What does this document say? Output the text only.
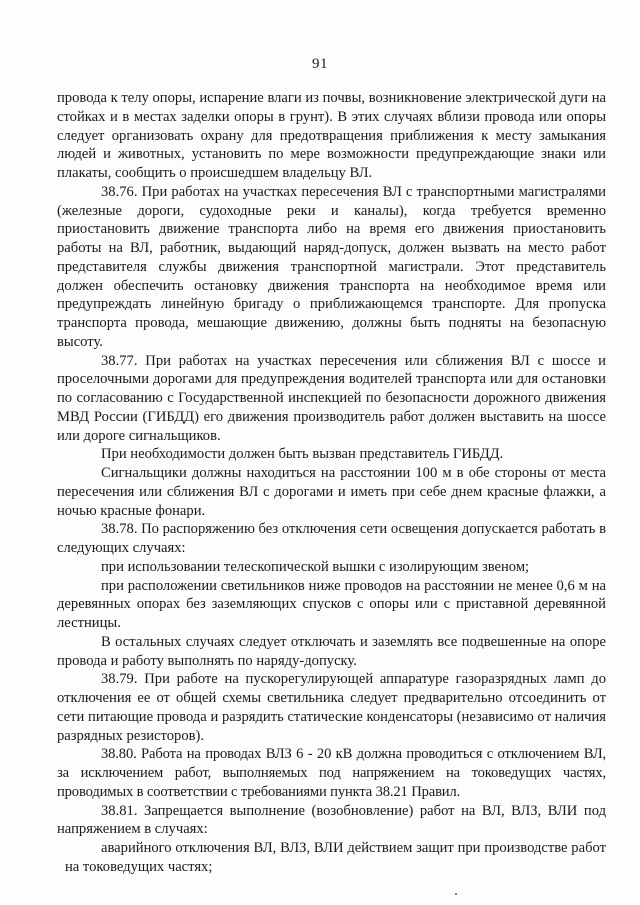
91

провода к телу опоры, испарение влаги из почвы, возникновение электрической дуги на стойках и в местах заделки опоры в грунт). В этих случаях вблизи провода или опоры следует организовать охрану для предотвращения приближения к месту замыкания людей и животных, установить по мере возможности предупреждающие знаки или плакаты, сообщить о происшедшем владельцу ВЛ.

38.76. При работах на участках пересечения ВЛ с транспортными магистралями (железные дороги, судоходные реки и каналы), когда требуется временно приостановить движение транспорта либо на время его движения приостановить работы на ВЛ, работник, выдающий наряд-допуск, должен вызвать на место работ представителя службы движения транспортной магистрали. Этот представитель должен обеспечить остановку движения транспорта на необходимое время или предупреждать линейную бригаду о приближающемся транспорте. Для пропуска транспорта провода, мешающие движению, должны быть подняты на безопасную высоту.

38.77. При работах на участках пересечения или сближения ВЛ с шоссе и проселочными дорогами для предупреждения водителей транспорта или для остановки по согласованию с Государственной инспекцией по безопасности дорожного движения МВД России (ГИБДД) его движения производитель работ должен выставить на шоссе или дороге сигнальщиков.

При необходимости должен быть вызван представитель ГИБДД.

Сигнальщики должны находиться на расстоянии 100 м в обе стороны от места пересечения или сближения ВЛ с дорогами и иметь при себе днем красные флажки, а ночью красные фонари.

38.78. По распоряжению без отключения сети освещения допускается работать в следующих случаях:

при использовании телескопической вышки с изолирующим звеном;

при расположении светильников ниже проводов на расстоянии не менее 0,6 м на деревянных опорах без заземляющих спусков с опоры или с приставной деревянной лестницы.

В остальных случаях следует отключать и заземлять все подвешенные на опоре провода и работу выполнять по наряду-допуску.

38.79. При работе на пускорегулирующей аппаратуре газоразрядных ламп до отключения ее от общей схемы светильника следует предварительно отсоединить от сети питающие провода и разрядить статические конденсаторы (независимо от наличия разрядных резисторов).

38.80. Работа на проводах ВЛЗ 6 - 20 кВ должна проводиться с отключением ВЛ, за исключением работ, выполняемых под напряжением на токоведущих частях, проводимых в соответствии с требованиями пункта 38.21 Правил.

38.81. Запрещается выполнение (возобновление) работ на ВЛ, ВЛЗ, ВЛИ под напряжением в случаях:

аварийного отключения ВЛ, ВЛЗ, ВЛИ действием защит при производстве работ на токоведущих частях;
